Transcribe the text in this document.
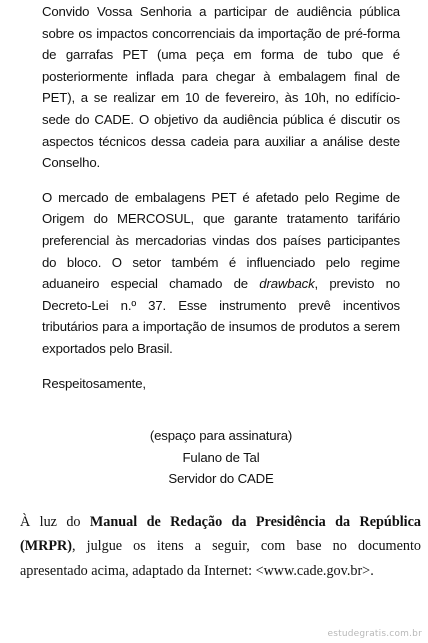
Convido Vossa Senhoria a participar de audiência pública sobre os impactos concorrenciais da importação de pré-forma de garrafas PET (uma peça em forma de tubo que é posteriormente inflada para chegar à embalagem final de PET), a se realizar em 10 de fevereiro, às 10h, no edifício-sede do CADE. O objetivo da audiência pública é discutir os aspectos técnicos dessa cadeia para auxiliar a análise deste Conselho.

O mercado de embalagens PET é afetado pelo Regime de Origem do MERCOSUL, que garante tratamento tarifário preferencial às mercadorias vindas dos países participantes do bloco. O setor também é influenciado pelo regime aduaneiro especial chamado de drawback, previsto no Decreto-Lei n.º 37. Esse instrumento prevê incentivos tributários para a importação de insumos de produtos a serem exportados pelo Brasil.

Respeitosamente,

(espaço para assinatura)
Fulano de Tal
Servidor do CADE

À luz do Manual de Redação da Presidência da República (MRPR), julgue os itens a seguir, com base no documento apresentado acima, adaptado da Internet: <www.cade.gov.br>.

estudegratis.com.br
